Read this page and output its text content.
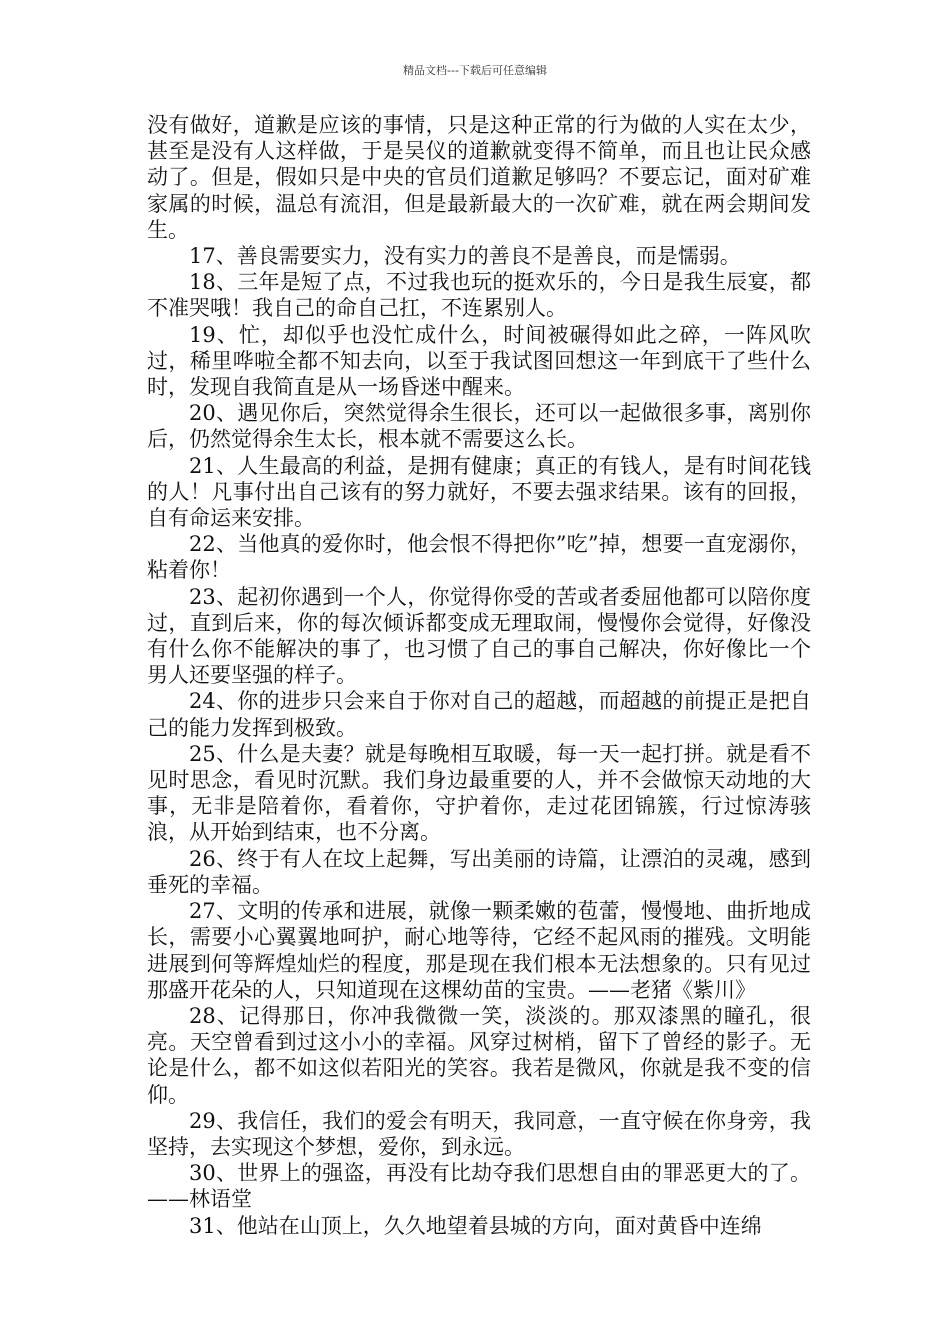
精品文档---下载后可任意编辑

没有做好，道歉是应该的事情，只是这种正常的行为做的人实在太少，甚至是没有人这样做，于是吴仪的道歉就变得不简单，而且也让民众感动了。但是，假如只是中央的官员们道歉足够吗？不要忘记，面对矿难家属的时候，温总有流泪，但是最新最大的一次矿难，就在两会期间发生。

17、善良需要实力，没有实力的善良不是善良，而是懦弱。

18、三年是短了点，不过我也玩的挺欢乐的，今日是我生辰宴，都不准哭哦！我自己的命自己扛，不连累别人。

19、忙，却似乎也没忙成什么，时间被碾得如此之碎，一阵风吹过，稀里哗啦全都不知去向，以至于我试图回想这一年到底干了些什么时，发现自我简直是从一场昏迷中醒来。

20、遇见你后，突然觉得余生很长，还可以一起做很多事，离别你后，仍然觉得余生太长，根本就不需要这么长。

21、人生最高的利益，是拥有健康；真正的有钱人，是有时间花钱的人！凡事付出自己该有的努力就好，不要去强求结果。该有的回报，自有命运来安排。

22、当他真的爱你时，他会恨不得把你”吃”掉，想要一直宠溺你，粘着你！

23、起初你遇到一个人，你觉得你受的苦或者委屈他都可以陪你度过，直到后来，你的每次倾诉都变成无理取闹，慢慢你会觉得，好像没有什么你不能解决的事了，也习惯了自己的事自己解决，你好像比一个男人还要坚强的样子。

24、你的进步只会来自于你对自己的超越，而超越的前提正是把自己的能力发挥到极致。

25、什么是夫妻？就是每晚相互取暖，每一天一起打拼。就是看不见时思念，看见时沉默。我们身边最重要的人，并不会做惊天动地的大事，无非是陪着你，看着你，守护着你，走过花团锦簇，行过惊涛骇浪，从开始到结束，也不分离。

26、终于有人在坟上起舞，写出美丽的诗篇，让漂泊的灵魂，感到垂死的幸福。

27、文明的传承和进展，就像一颗柔嫩的苞蕾，慢慢地、曲折地成长，需要小心翼翼地呵护，耐心地等待，它经不起风雨的摧残。文明能进展到何等辉煌灿烂的程度，那是现在我们根本无法想象的。只有见过那盛开花朵的人，只知道现在这棵幼苗的宝贵。——老猪《紫川》

28、记得那日，你冲我微微一笑，淡淡的。那双漆黑的瞳孔，很亮。天空曾看到过这小小的幸福。风穿过树梢，留下了曾经的影子。无论是什么，都不如这似若阳光的笑容。我若是微风，你就是我不变的信仰。

29、我信任，我们的爱会有明天，我同意，一直守候在你身旁，我坚持，去实现这个梦想，爱你，到永远。

30、世界上的强盗，再没有比劫夺我们思想自由的罪恶更大的了。——林语堂

31、他站在山顶上，久久地望着县城的方向，面对黄昏中连绵
